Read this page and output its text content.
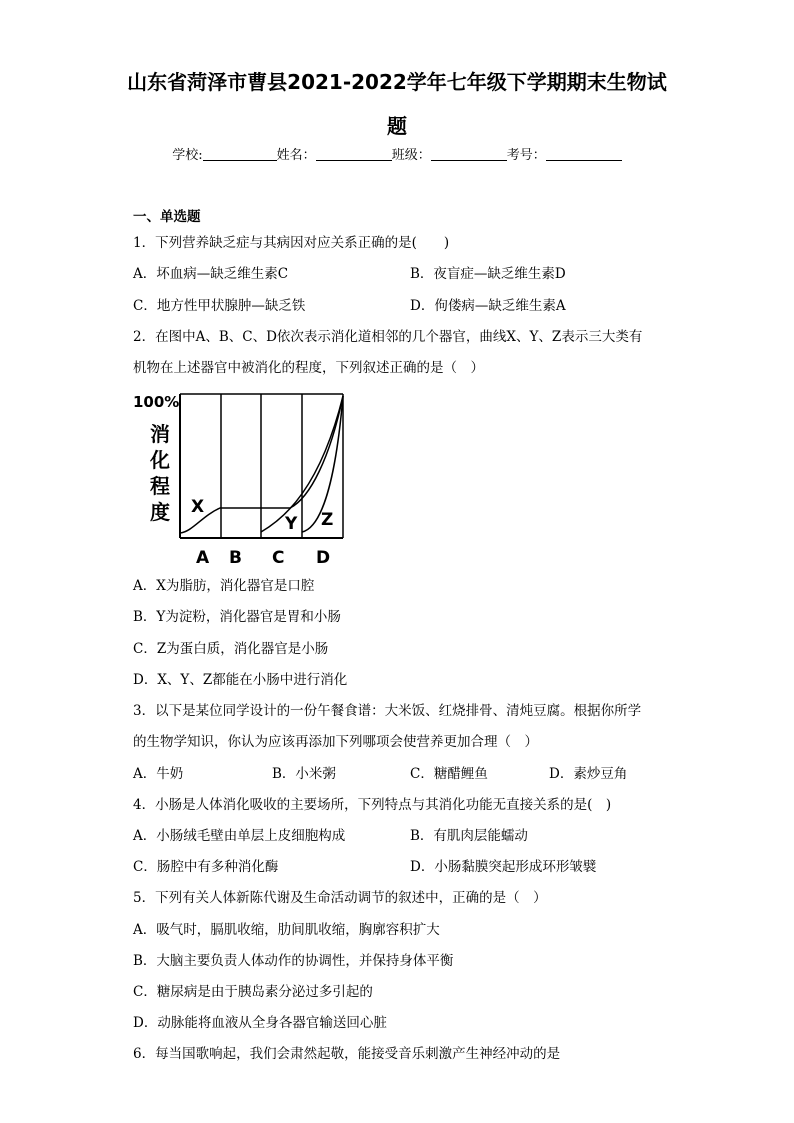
山东省菏泽市曹县2021-2022学年七年级下学期期末生物试
题
学校:	姓名：	班级：	考号：
一、单选题
1．下列营养缺乏症与其病因对应关系正确的是(　　)
A．坏血病—缺乏维生素C	B．夜盲症—缺乏维生素D
C．地方性甲状腺肿—缺乏铁	D．佝偻病—缺乏维生素A
2．在图中A、B、C、D依次表示消化道相邻的几个器官，曲线X、Y、Z表示三大类有
机物在上述器官中被消化的程度，下列叙述正确的是（　）
100%
消
化
程
度 X
Y Z
A B C D
A．X为脂肪，消化器官是口腔
B．Y为淀粉，消化器官是胃和小肠
C．Z为蛋白质，消化器官是小肠
D．X、Y、Z都能在小肠中进行消化
3．以下是某位同学设计的一份午餐食谱：大米饭、红烧排骨、清炖豆腐。根据你所学
的生物学知识，你认为应该再添加下列哪项会使营养更加合理（　）
A．牛奶	B．小米粥	C．糖醋鲤鱼	D．素炒豆角
4．小肠是人体消化吸收的主要场所，下列特点与其消化功能无直接关系的是(　)
A．小肠绒毛壁由单层上皮细胞构成	B．有肌肉层能蠕动
C．肠腔中有多种消化酶	D．小肠黏膜突起形成环形皱襞
5．下列有关人体新陈代谢及生命活动调节的叙述中，正确的是（　）
A．吸气时，膈肌收缩，肋间肌收缩，胸廓容积扩大
B．大脑主要负责人体动作的协调性，并保持身体平衡
C．糖尿病是由于胰岛素分泌过多引起的
D．动脉能将血液从全身各器官输送回心脏
6．每当国歌响起，我们会肃然起敬，能接受音乐刺激产生神经冲动的是
